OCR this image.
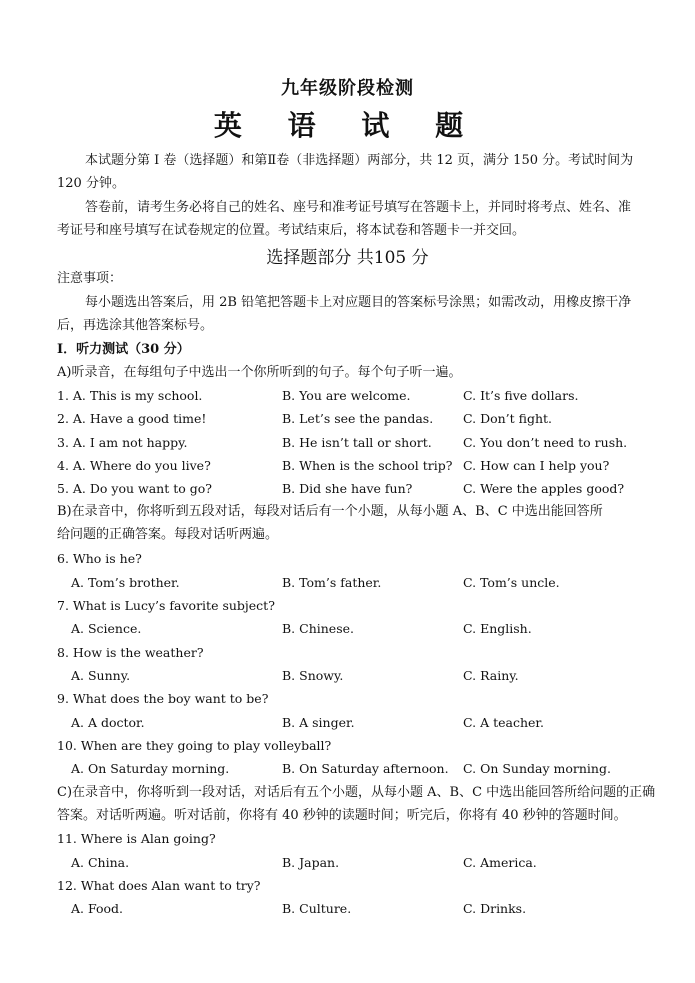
九年级阶段检测
英 语 试 题
本试题分第 I 卷（选择题）和第Ⅱ卷（非选择题）两部分，共 12 页，满分 150 分。考试时间为 120 分钟。
答卷前，请考生务必将自己的姓名、座号和准考证号填写在答题卡上，并同时将考点、姓名、准考证号和座号填写在试卷规定的位置。考试结束后，将本试卷和答题卡一并交回。
选择题部分 共105 分
注意事项：
每小题选出答案后，用 2B 铅笔把答题卡上对应题目的答案标号涂黑；如需改动，用橡皮擦干净后，再选涂其他答案标号。
I．听力测试（30 分）
A)听录音，在每组句子中选出一个你所听到的句子。每个句子听一遍。
1. A. This is my school.	B. You are welcome.	C. It’s five dollars.
2. A. Have a good time!	B. Let’s see the pandas. C. Don’t fight.
3. A. I am not happy.	B. He isn’t tall or short.	C. You don’t need to rush.
4. A. Where do you live?	B. When is the school trip? C. How can I help you?
5. A. Do you want to go?	B. Did she have fun?	C. Were the apples good?
B)在录音中，你将听到五段对话，每段对话后有一个小题，从每小题 A、B、C 中选出能回答所
给问题的正确答案。每段对话听两遍。
6. Who is he?
A. Tom’s brother.	B. Tom’s father.	C. Tom’s uncle.
7. What is Lucy’s favorite subject?
A. Science.	B. Chinese.	C. English.
8. How is the weather?
A. Sunny.	B. Snowy.	C. Rainy.
9. What does the boy want to be?
A. A doctor.	B. A singer.	C. A teacher.
10. When are they going to play volleyball?
A. On Saturday morning.	B. On Saturday afternoon. C. On Sunday morning.
C)在录音中，你将听到一段对话，对话后有五个小题，从每小题 A、B、C 中选出能回答所给问题的正确
答案。对话听两遍。听对话前，你将有 40 秒钟的读题时间；听完后，你将有 40 秒钟的答题时间。
11. Where is Alan going?
A. China.	B. Japan.	C. America.
12. What does Alan want to try?
A. Food.	B. Culture.	C. Drinks.
